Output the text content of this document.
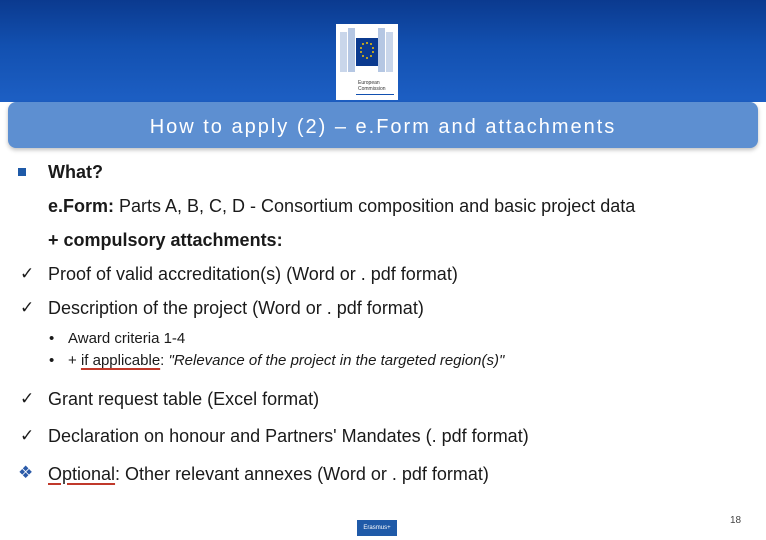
European
Commission
How to apply (2) – e.Form and attachments
What?
e.Form: Parts A, B, C, D - Consortium composition and basic project data
+ compulsory attachments:
✓ Proof of valid accreditation(s) (Word or . pdf format)
✓ Description of the project (Word or . pdf format)
• Award criteria 1-4
• + if applicable: "Relevance of the project in the targeted region(s)"
✓ Grant request table (Excel format)
✓ Declaration on honour and Partners' Mandates (. pdf format)
❖ Optional: Other relevant annexes (Word or . pdf format)
Erasmus+
18
